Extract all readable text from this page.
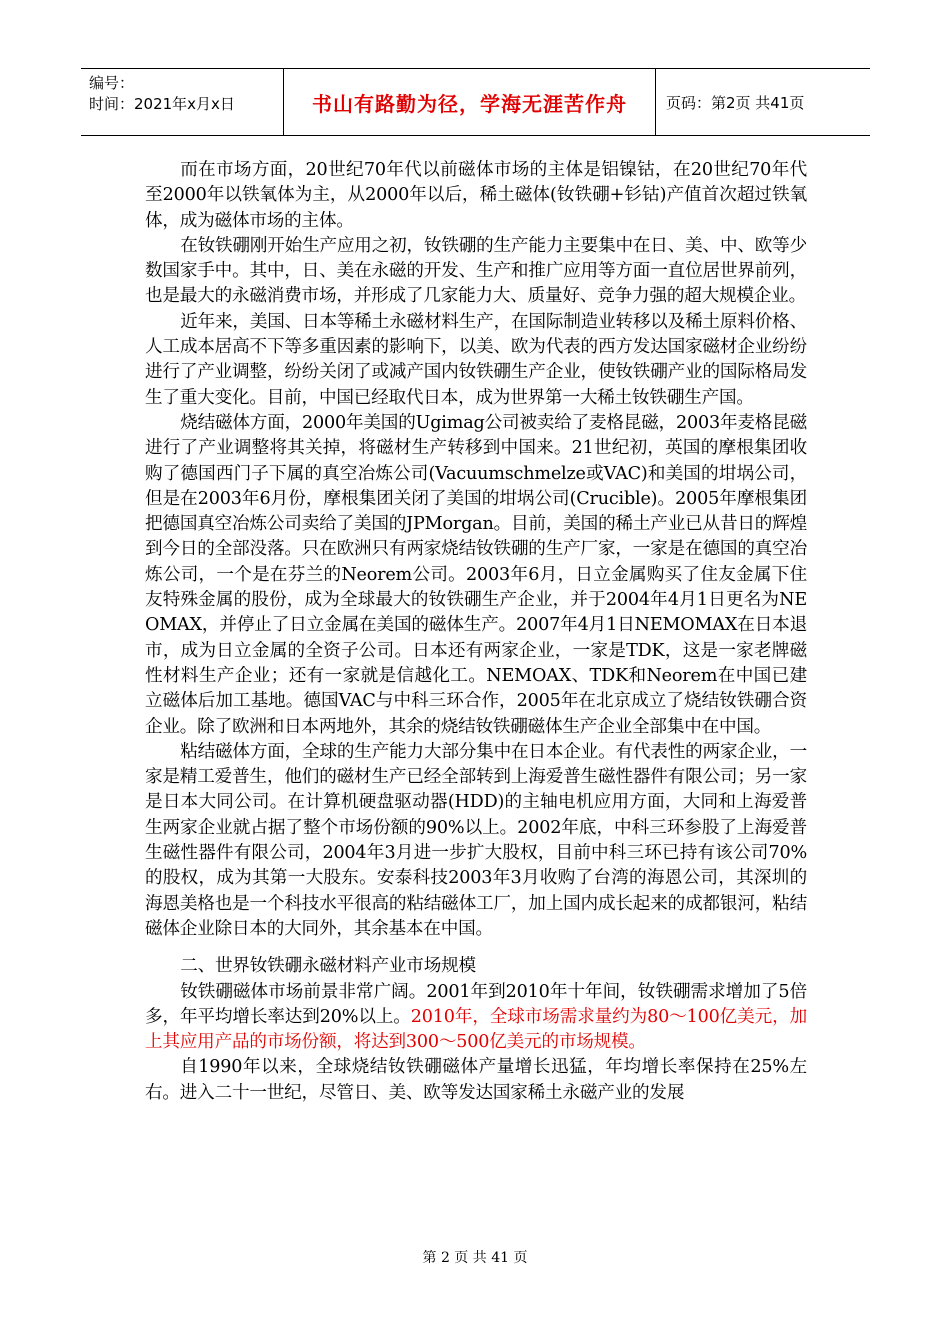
编号：
时间：2021年x月x日	书山有路勤为径，学海无涯苦作舟	页码：第2页 共41页

而在市场方面，20世纪70年代以前磁体市场的主体是铝镍钴，在20世纪70年代至2000年以铁氧体为主，从2000年以后，稀土磁体(钕铁硼+钐钴)产值首次超过铁氧体，成为磁体市场的主体。

在钕铁硼刚开始生产应用之初，钕铁硼的生产能力主要集中在日、美、中、欧等少数国家手中。其中，日、美在永磁的开发、生产和推广应用等方面一直位居世界前列，也是最大的永磁消费市场，并形成了几家能力大、质量好、竞争力强的超大规模企业。

近年来，美国、日本等稀土永磁材料生产，在国际制造业转移以及稀土原料价格、人工成本居高不下等多重因素的影响下，以美、欧为代表的西方发达国家磁材企业纷纷进行了产业调整，纷纷关闭了或减产国内钕铁硼生产企业，使钕铁硼产业的国际格局发生了重大变化。目前，中国已经取代日本，成为世界第一大稀土钕铁硼生产国。

烧结磁体方面，2000年美国的Ugimag公司被卖给了麦格昆磁，2003年麦格昆磁进行了产业调整将其关掉，将磁材生产转移到中国来。21世纪初，英国的摩根集团收购了德国西门子下属的真空冶炼公司(Vacuumschmelze或VAC)和美国的坩埚公司，但是在2003年6月份，摩根集团关闭了美国的坩埚公司(Crucible)。2005年摩根集团把德国真空冶炼公司卖给了美国的JPMorgan。目前，美国的稀土产业已从昔日的辉煌到今日的全部没落。只在欧洲只有两家烧结钕铁硼的生产厂家，一家是在德国的真空冶炼公司，一个是在芬兰的Neorem公司。2003年6月，日立金属购买了住友金属下住友特殊金属的股份，成为全球最大的钕铁硼生产企业，并于2004年4月1日更名为NEOMAX，并停止了日立金属在美国的磁体生产。2007年4月1日NEMOMAX在日本退市，成为日立金属的全资子公司。日本还有两家企业，一家是TDK，这是一家老牌磁性材料生产企业；还有一家就是信越化工。NEMOAX、TDK和Neorem在中国已建立磁体后加工基地。德国VAC与中科三环合作，2005年在北京成立了烧结钕铁硼合资企业。除了欧洲和日本两地外，其余的烧结钕铁硼磁体生产企业全部集中在中国。

粘结磁体方面，全球的生产能力大部分集中在日本企业。有代表性的两家企业，一家是精工爱普生，他们的磁材生产已经全部转到上海爱普生磁性器件有限公司；另一家是日本大同公司。在计算机硬盘驱动器(HDD)的主轴电机应用方面，大同和上海爱普生两家企业就占据了整个市场份额的90%以上。2002年底，中科三环参股了上海爱普生磁性器件有限公司，2004年3月进一步扩大股权，目前中科三环已持有该公司70%的股权，成为其第一大股东。安泰科技2003年3月收购了台湾的海恩公司，其深圳的海恩美格也是一个科技水平很高的粘结磁体工厂，加上国内成长起来的成都银河，粘结磁体企业除日本的大同外，其余基本在中国。

二、世界钕铁硼永磁材料产业市场规模

钕铁硼磁体市场前景非常广阔。2001年到2010年十年间，钕铁硼需求增加了5倍多，年平均增长率达到20%以上。2010年，全球市场需求量约为80～100亿美元，加上其应用产品的市场份额，将达到300～500亿美元的市场规模。

自1990年以来，全球烧结钕铁硼磁体产量增长迅猛，年均增长率保持在25%左右。进入二十一世纪，尽管日、美、欧等发达国家稀土永磁产业的发展

第 2 页 共 41 页
